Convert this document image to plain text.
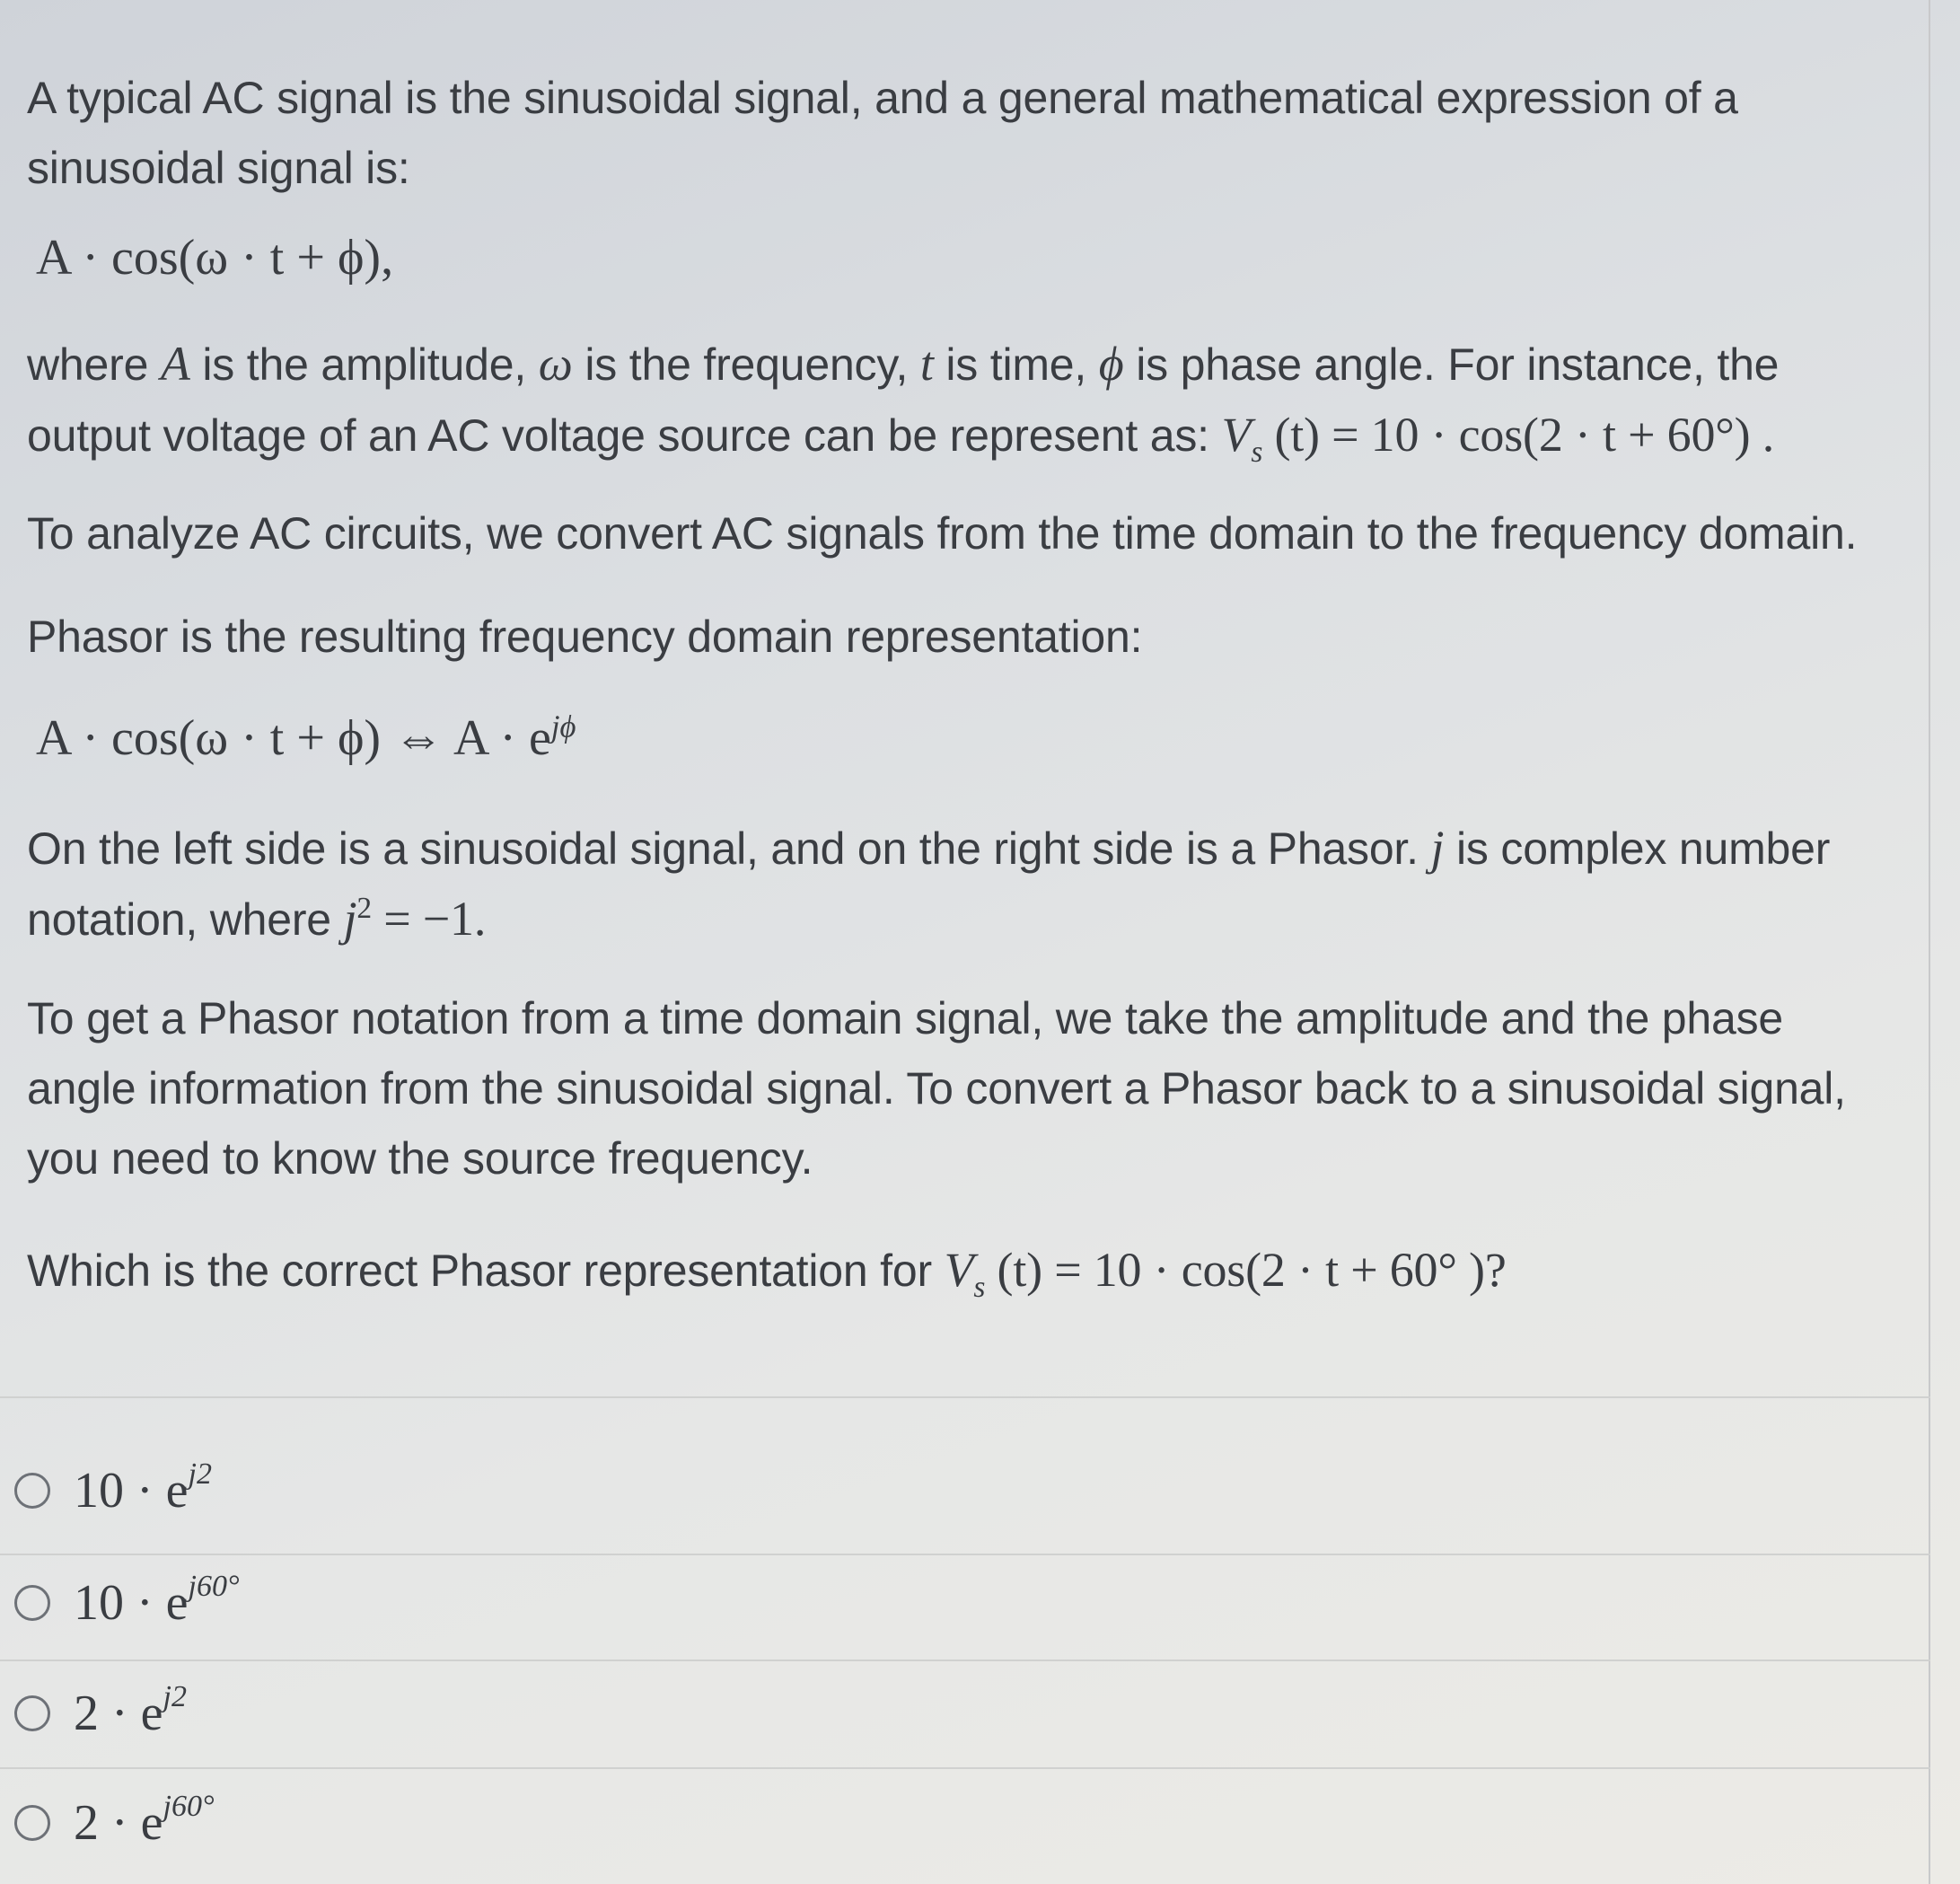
A typical AC signal is the sinusoidal signal, and a general mathematical expression of a
sinusoidal signal is:

A · cos(ω · t + ϕ),

where A is the amplitude, ω is the frequency, t is time, ϕ is phase angle. For instance, the
output voltage of an AC voltage source can be represent as: $V_s$ (t) = 10 · cos(2 · t + 60°) .

To analyze AC circuits, we convert AC signals from the time domain to the frequency domain.

Phasor is the resulting frequency domain representation:

A · cos(ω · t + ϕ) ⇔ $A \cdot e^{j\phi}$

On the left side is a sinusoidal signal, and on the right side is a Phasor. j is complex number
notation, where $j^2 = -1$.

To get a Phasor notation from a time domain signal, we take the amplitude and the phase
angle information from the sinusoidal signal. To convert a Phasor back to a sinusoidal signal,
you need to know the source frequency.

Which is the correct Phasor representation for $V_s$ (t) = 10 · cos(2 · t + 60° )?

$10 \cdot e^{j2}$
$10 \cdot e^{j60^\circ}$
$2 \cdot e^{j2}$
$2 \cdot e^{j60^\circ}$
